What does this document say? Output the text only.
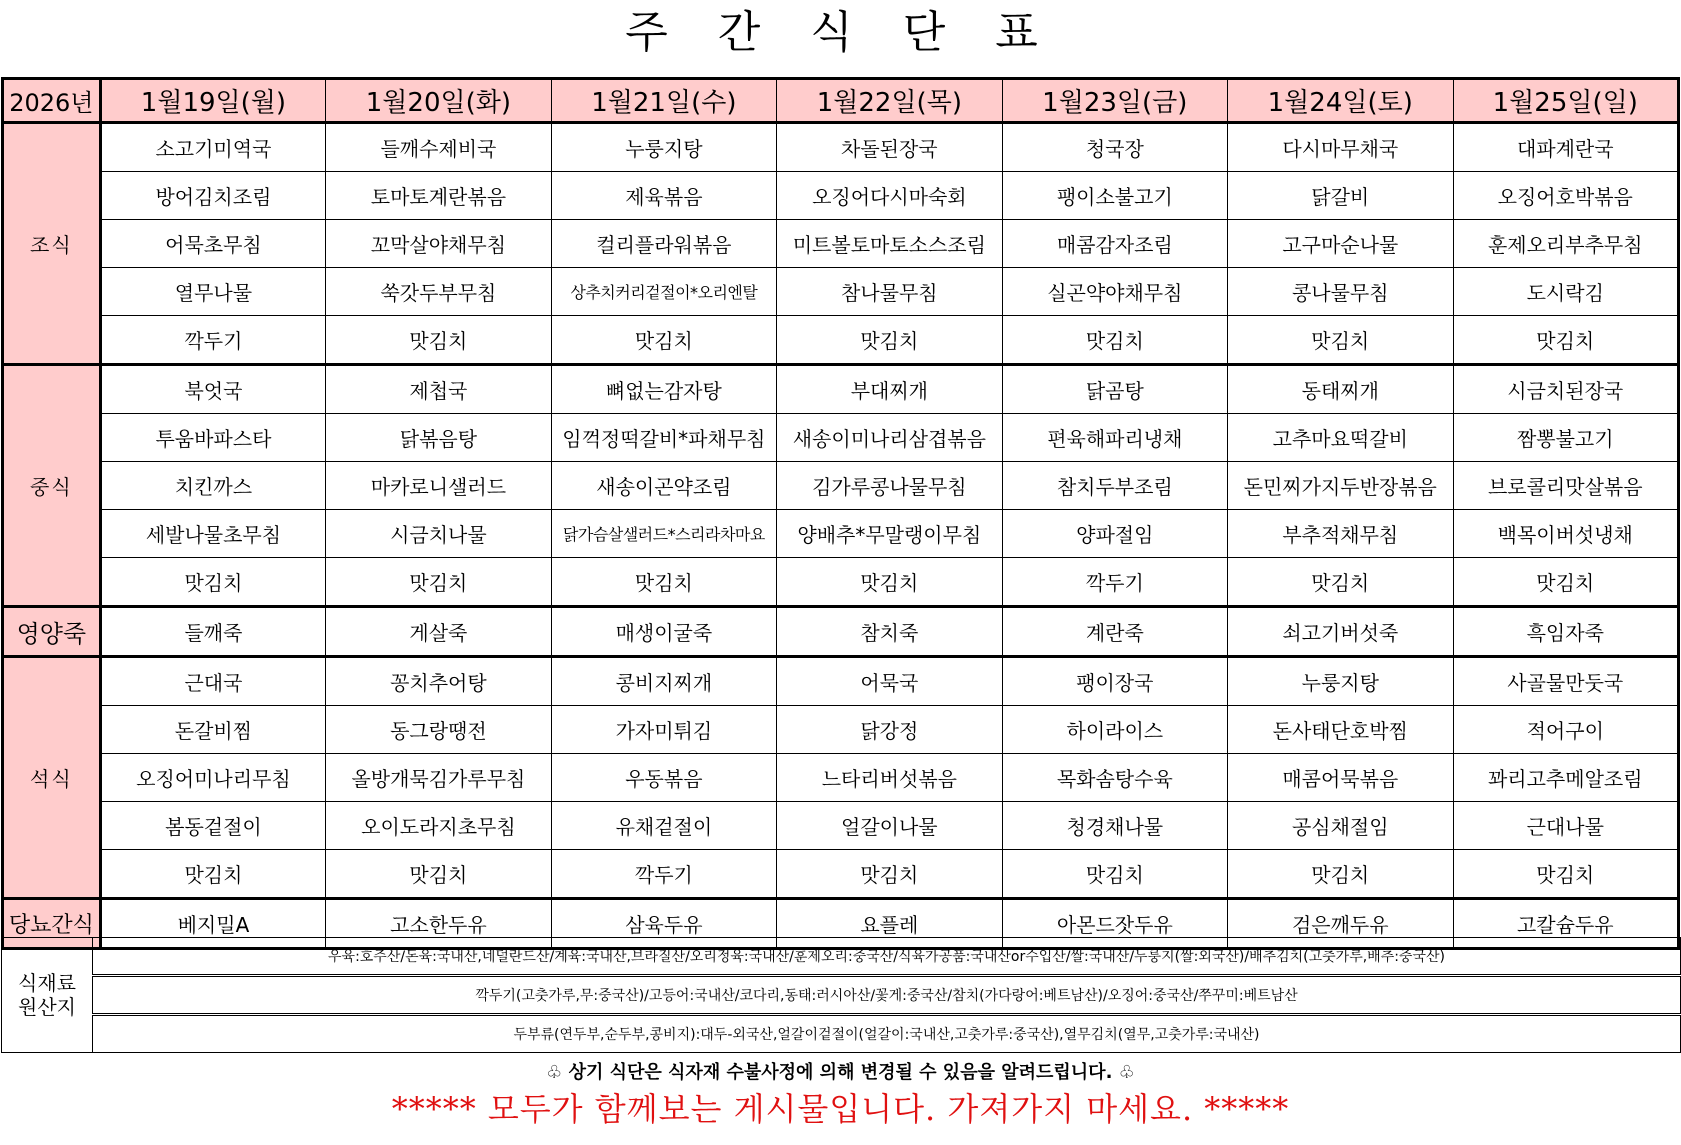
주 간 식 단 표
2026년	1월19일(월)	1월20일(화)	1월21일(수)	1월22일(목)	1월23일(금)	1월24일(토)	1월25일(일)
조식	소고기미역국	들깨수제비국	누룽지탕	차돌된장국	청국장	다시마무채국	대파계란국
	방어김치조림	토마토계란볶음	제육볶음	오징어다시마숙회	팽이소불고기	닭갈비	오징어호박볶음
	어묵초무침	꼬막살야채무침	컬리플라워볶음	미트볼토마토소스조림	매콤감자조림	고구마순나물	훈제오리부추무침
	열무나물	쑥갓두부무침	상추치커리겉절이*오리엔탈	참나물무침	실곤약야채무침	콩나물무침	도시락김
	깍두기	맛김치	맛김치	맛김치	맛김치	맛김치	맛김치
중식	북엇국	제첩국	뼈없는감자탕	부대찌개	닭곰탕	동태찌개	시금치된장국
	투움바파스타	닭볶음탕	임꺽정떡갈비*파채무침	새송이미나리삼겹볶음	편육해파리냉채	고추마요떡갈비	짬뽕불고기
	치킨까스	마카로니샐러드	새송이곤약조림	김가루콩나물무침	참치두부조림	돈민찌가지두반장볶음	브로콜리맛살볶음
	세발나물초무침	시금치나물	닭가슴살샐러드*스리라차마요	양배추*무말랭이무침	양파절임	부추적채무침	백목이버섯냉채
	맛김치	맛김치	맛김치	맛김치	깍두기	맛김치	맛김치
영양죽	들깨죽	게살죽	매생이굴죽	참치죽	계란죽	쇠고기버섯죽	흑임자죽
석식	근대국	꽁치추어탕	콩비지찌개	어묵국	팽이장국	누룽지탕	사골물만둣국
	돈갈비찜	동그랑땡전	가자미튀김	닭강정	하이라이스	돈사태단호박찜	적어구이
	오징어미나리무침	올방개묵김가루무침	우동볶음	느타리버섯볶음	목화솜탕수육	매콤어묵볶음	꽈리고추메알조림
	봄동겉절이	오이도라지초무침	유채겉절이	얼갈이나물	청경채나물	공심채절임	근대나물
	맛김치	맛김치	깍두기	맛김치	맛김치	맛김치	맛김치
당뇨간식	베지밀A	고소한두유	삼육두유	요플레	아몬드잣두유	검은깨두유	고칼슘두유
식재료
원산지	우육:호주산/돈육:국내산,네덜란드산/계육:국내산,브라질산/오리정육:국내산/훈제오리:중국산/식육가공품:국내산or수입산/쌀:국내산/누룽지(쌀:외국산)/배추김치(고춧가루,배추:중국산)
깍두기(고춧가루,무:중국산)/고등어:국내산/코다리,동태:러시아산/꽃게:중국산/참치(가다랑어:베트남산)/오징어:중국산/쭈꾸미:베트남산
두부류(연두부,순두부,콩비지):대두-외국산,얼갈이겉절이(얼갈이:국내산,고춧가루:중국산),열무김치(열무,고춧가루:국내산)
♧ 상기 식단은 식자재 수불사정에 의해 변경될 수 있음을 알려드립니다. ♧
***** 모두가 함께보는 게시물입니다. 가져가지 마세요. *****
